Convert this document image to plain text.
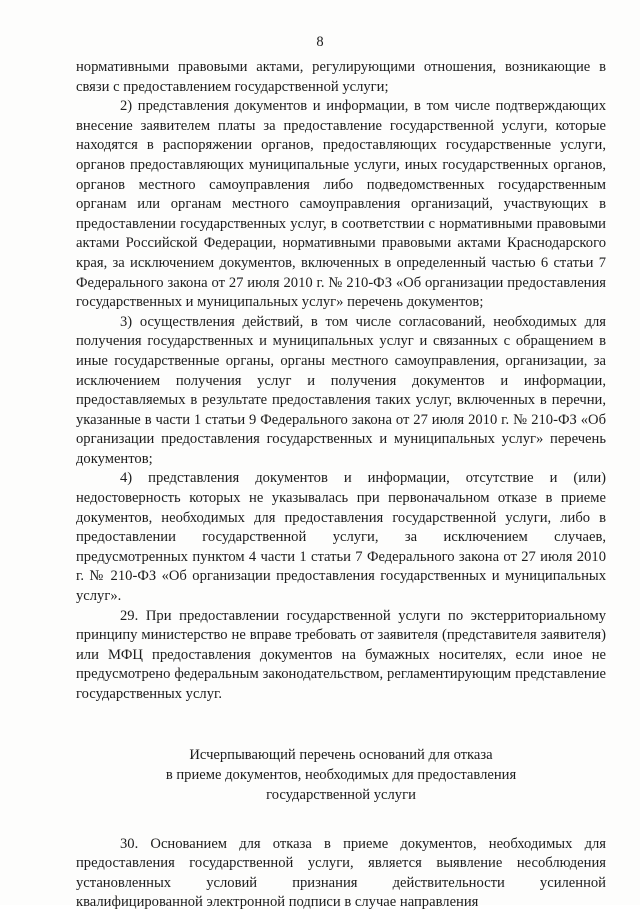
8

нормативными правовыми актами, регулирующими отношения, возникающие в связи с предоставлением государственной услуги;

2) представления документов и информации, в том числе подтверждающих внесение заявителем платы за предоставление государственной услуги, которые находятся в распоряжении органов, предоставляющих государственные услуги, органов предоставляющих муниципальные услуги, иных государственных органов, органов местного самоуправления либо подведомственных государственным органам или органам местного самоуправления организаций, участвующих в предоставлении государственных услуг, в соответствии с нормативными правовыми актами Российской Федерации, нормативными правовыми актами Краснодарского края, за исключением документов, включенных в определенный частью 6 статьи 7 Федерального закона от 27 июля 2010 г. № 210-ФЗ «Об организации предоставления государственных и муниципальных услуг» перечень документов;

3) осуществления действий, в том числе согласований, необходимых для получения государственных и муниципальных услуг и связанных с обращением в иные государственные органы, органы местного самоуправления, организации, за исключением получения услуг и получения документов и информации, предоставляемых в результате предоставления таких услуг, включенных в перечни, указанные в части 1 статьи 9 Федерального закона от 27 июля 2010 г. № 210-ФЗ «Об организации предоставления государственных и муниципальных услуг» перечень документов;

4) представления документов и информации, отсутствие и (или) недостоверность которых не указывалась при первоначальном отказе в приеме документов, необходимых для предоставления государственной услуги, либо в предоставлении государственной услуги, за исключением случаев, предусмотренных пунктом 4 части 1 статьи 7 Федерального закона от 27 июля 2010 г. № 210-ФЗ «Об организации предоставления государственных и муниципальных услуг».

29. При предоставлении государственной услуги по экстерриториальному принципу министерство не вправе требовать от заявителя (представителя заявителя) или МФЦ предоставления документов на бумажных носителях, если иное не предусмотрено федеральным законодательством, регламентирующим представление государственных услуг.

Исчерпывающий перечень оснований для отказа
в приеме документов, необходимых для предоставления
государственной услуги

30. Основанием для отказа в приеме документов, необходимых для предоставления государственной услуги, является выявление несоблюдения установленных условий признания действительности усиленной квалифицированной электронной подписи в случае направления
